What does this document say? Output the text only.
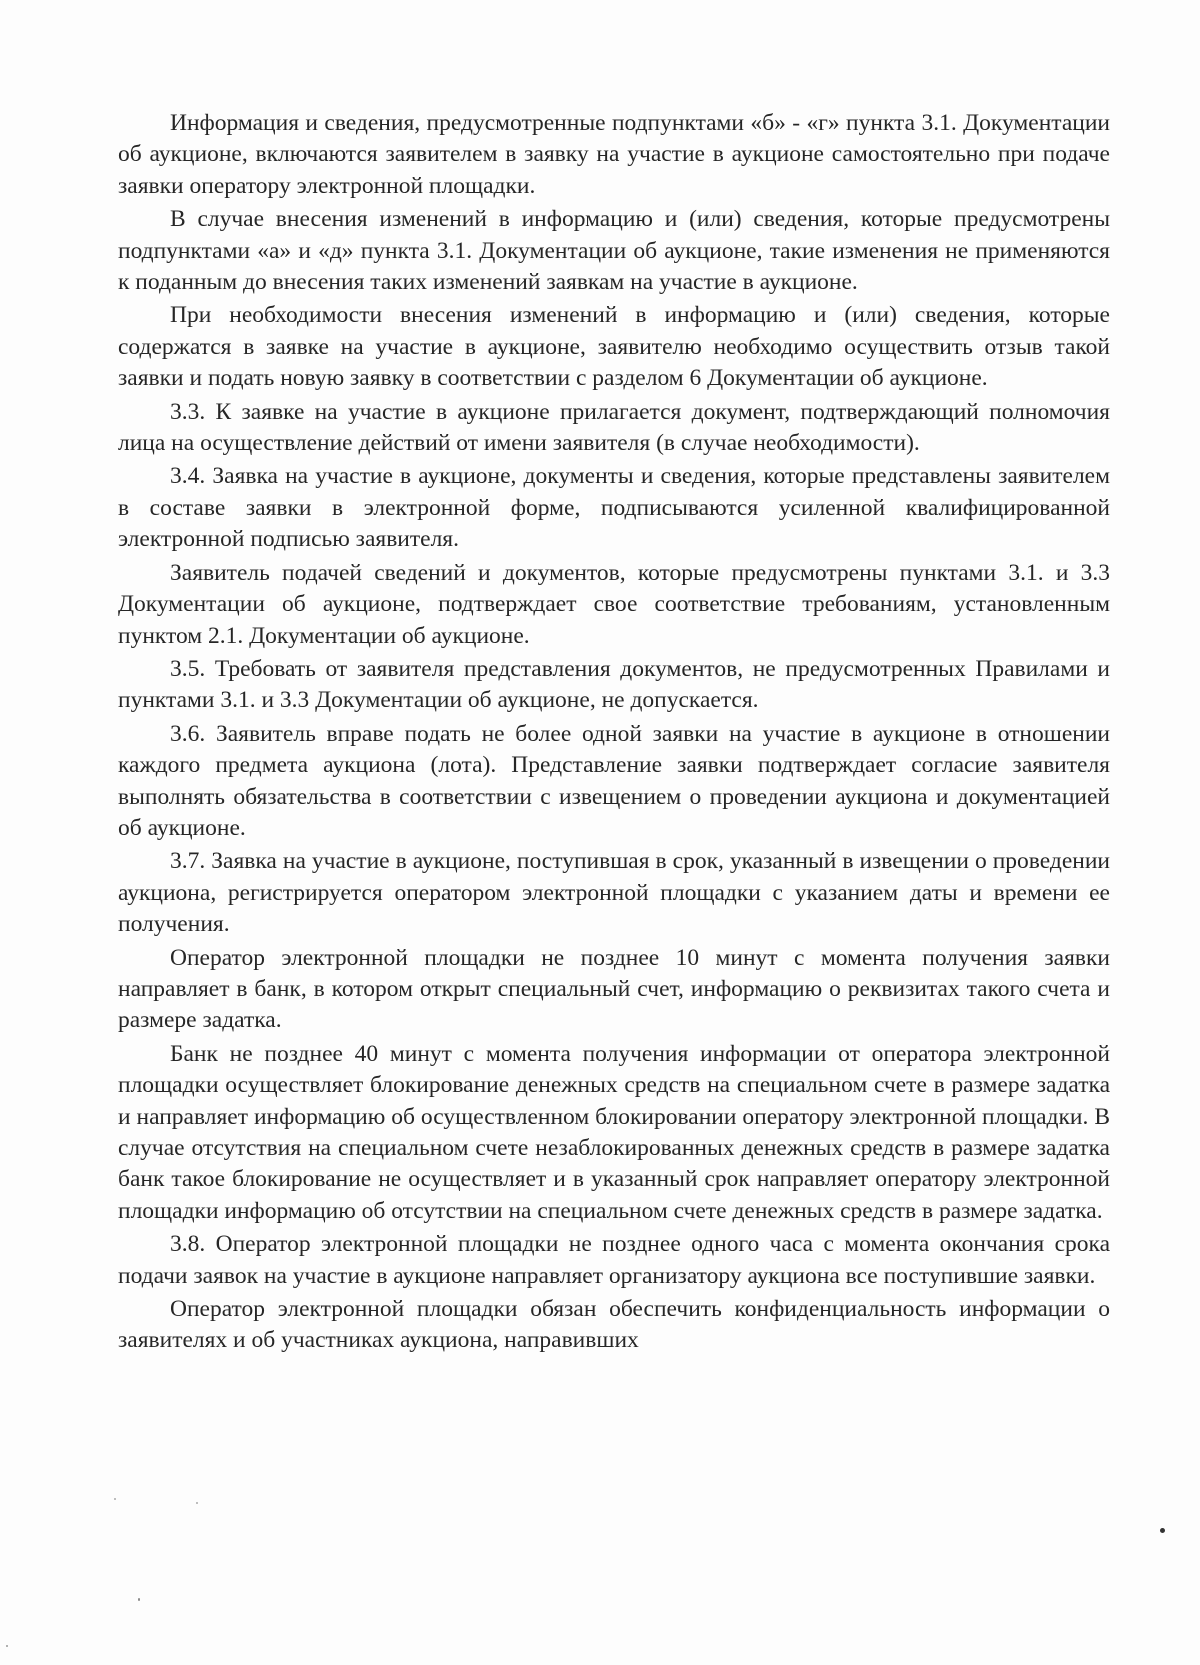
Информация и сведения, предусмотренные подпунктами «б» - «г» пункта 3.1. Документации об аукционе, включаются заявителем в заявку на участие в аукционе самостоятельно при подаче заявки оператору электронной площадки.

В случае внесения изменений в информацию и (или) сведения, которые предусмотрены подпунктами «а» и «д» пункта 3.1. Документации об аукционе, такие изменения не применяются к поданным до внесения таких изменений заявкам на участие в аукционе.

При необходимости внесения изменений в информацию и (или) сведения, которые содержатся в заявке на участие в аукционе, заявителю необходимо осуществить отзыв такой заявки и подать новую заявку в соответствии с разделом 6 Документации об аукционе.

3.3. К заявке на участие в аукционе прилагается документ, подтверждающий полномочия лица на осуществление действий от имени заявителя (в случае необходимости).

3.4. Заявка на участие в аукционе, документы и сведения, которые представлены заявителем в составе заявки в электронной форме, подписываются усиленной квалифицированной электронной подписью заявителя.

Заявитель подачей сведений и документов, которые предусмотрены пунктами 3.1. и 3.3 Документации об аукционе, подтверждает свое соответствие требованиям, установленным пунктом 2.1. Документации об аукционе.

3.5. Требовать от заявителя представления документов, не предусмотренных Правилами и пунктами 3.1. и 3.3 Документации об аукционе, не допускается.

3.6. Заявитель вправе подать не более одной заявки на участие в аукционе в отношении каждого предмета аукциона (лота). Представление заявки подтверждает согласие заявителя выполнять обязательства в соответствии с извещением о проведении аукциона и документацией об аукционе.

3.7. Заявка на участие в аукционе, поступившая в срок, указанный в извещении о проведении аукциона, регистрируется оператором электронной площадки с указанием даты и времени ее получения.

Оператор электронной площадки не позднее 10 минут с момента получения заявки направляет в банк, в котором открыт специальный счет, информацию о реквизитах такого счета и размере задатка.

Банк не позднее 40 минут с момента получения информации от оператора электронной площадки осуществляет блокирование денежных средств на специальном счете в размере задатка и направляет информацию об осуществленном блокировании оператору электронной площадки. В случае отсутствия на специальном счете незаблокированных денежных средств в размере задатка банк такое блокирование не осуществляет и в указанный срок направляет оператору электронной площадки информацию об отсутствии на специальном счете денежных средств в размере задатка.

3.8. Оператор электронной площадки не позднее одного часа с момента окончания срока подачи заявок на участие в аукционе направляет организатору аукциона все поступившие заявки.

Оператор электронной площадки обязан обеспечить конфиденциальность информации о заявителях и об участниках аукциона, направивших
